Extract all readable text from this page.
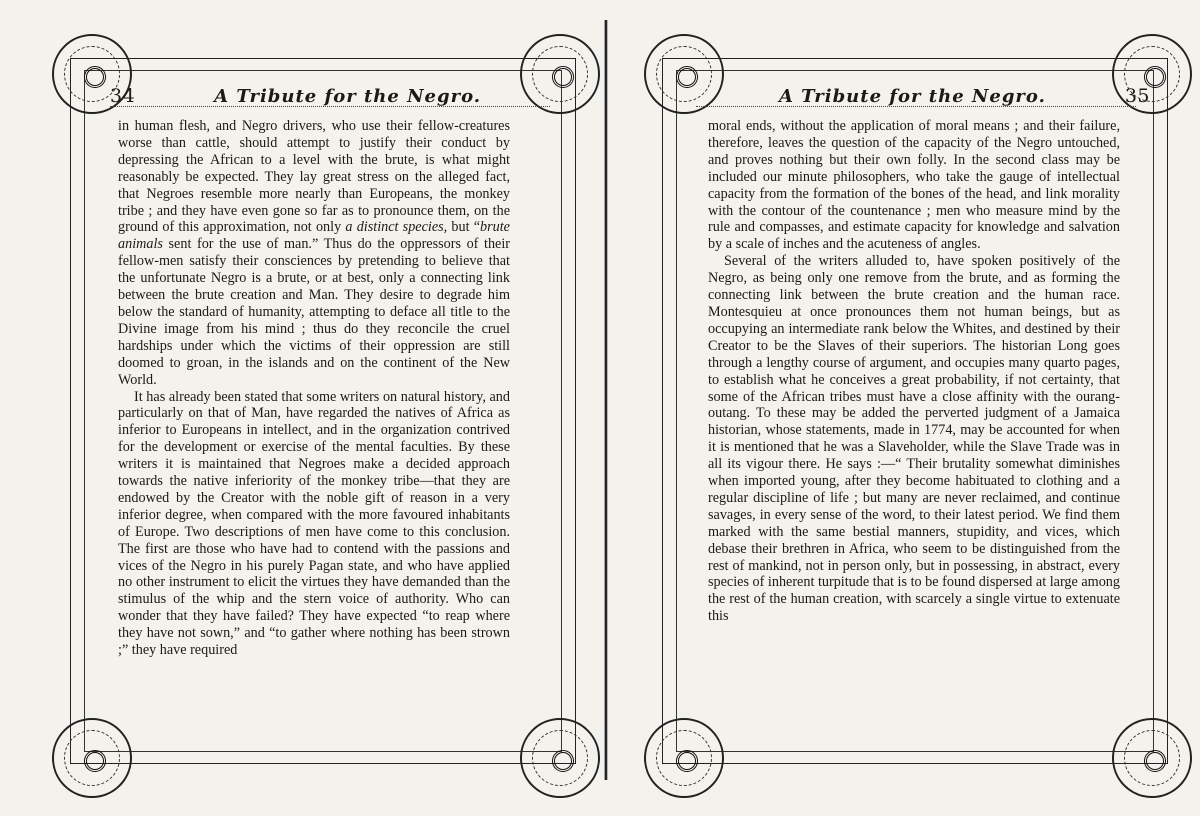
34	A Tribute for the Negro.

in human flesh, and Negro drivers, who use their fellow-creatures worse than cattle, should attempt to justify their conduct by depressing the African to a level with the brute, is what might reasonably be expected. They lay great stress on the alleged fact, that Negroes resemble more nearly than Europeans, the monkey tribe ; and they have even gone so far as to pronounce them, on the ground of this approximation, not only a distinct species, but “brute animals sent for the use of man.” Thus do the oppressors of their fellow-men satisfy their consciences by pretending to believe that the unfortunate Negro is a brute, or at best, only a connecting link between the brute creation and Man. They desire to degrade him below the standard of humanity, attempting to deface all title to the Divine image from his mind ; thus do they reconcile the cruel hardships under which the victims of their oppression are still doomed to groan, in the islands and on the continent of the New World.

It has already been stated that some writers on natural history, and particularly on that of Man, have regarded the natives of Africa as inferior to Europeans in intellect, and in the organization contrived for the development or exercise of the mental faculties. By these writers it is maintained that Negroes make a decided approach towards the native inferiority of the monkey tribe—that they are endowed by the Creator with the noble gift of reason in a very inferior degree, when compared with the more favoured inhabitants of Europe. Two descriptions of men have come to this conclusion. The first are those who have had to contend with the passions and vices of the Negro in his purely Pagan state, and who have applied no other instrument to elicit the virtues they have demanded than the stimulus of the whip and the stern voice of authority. Who can wonder that they have failed? They have expected “to reap where they have not sown,” and “to gather where nothing has been strown ;” they have required

A Tribute for the Negro.	35

moral ends, without the application of moral means ; and their failure, therefore, leaves the question of the capacity of the Negro untouched, and proves nothing but their own folly. In the second class may be included our minute philosophers, who take the gauge of intellectual capacity from the formation of the bones of the head, and link morality with the contour of the countenance ; men who measure mind by the rule and compasses, and estimate capacity for knowledge and salvation by a scale of inches and the acuteness of angles.

Several of the writers alluded to, have spoken positively of the Negro, as being only one remove from the brute, and as forming the connecting link between the brute creation and the human race. Montesquieu at once pronounces them not human beings, but as occupying an intermediate rank below the Whites, and destined by their Creator to be the Slaves of their superiors. The historian Long goes through a lengthy course of argument, and occupies many quarto pages, to establish what he conceives a great probability, if not certainty, that some of the African tribes must have a close affinity with the ourang-outang. To these may be added the perverted judgment of a Jamaica historian, whose statements, made in 1774, may be accounted for when it is mentioned that he was a Slaveholder, while the Slave Trade was in all its vigour there. He says :—“ Their brutality somewhat diminishes when imported young, after they become habituated to clothing and a regular discipline of life ; but many are never reclaimed, and continue savages, in every sense of the word, to their latest period. We find them marked with the same bestial manners, stupidity, and vices, which debase their brethren in Africa, who seem to be distinguished from the rest of mankind, not in person only, but in possessing, in abstract, every species of inherent turpitude that is to be found dispersed at large among the rest of the human creation, with scarcely a single virtue to extenuate this
